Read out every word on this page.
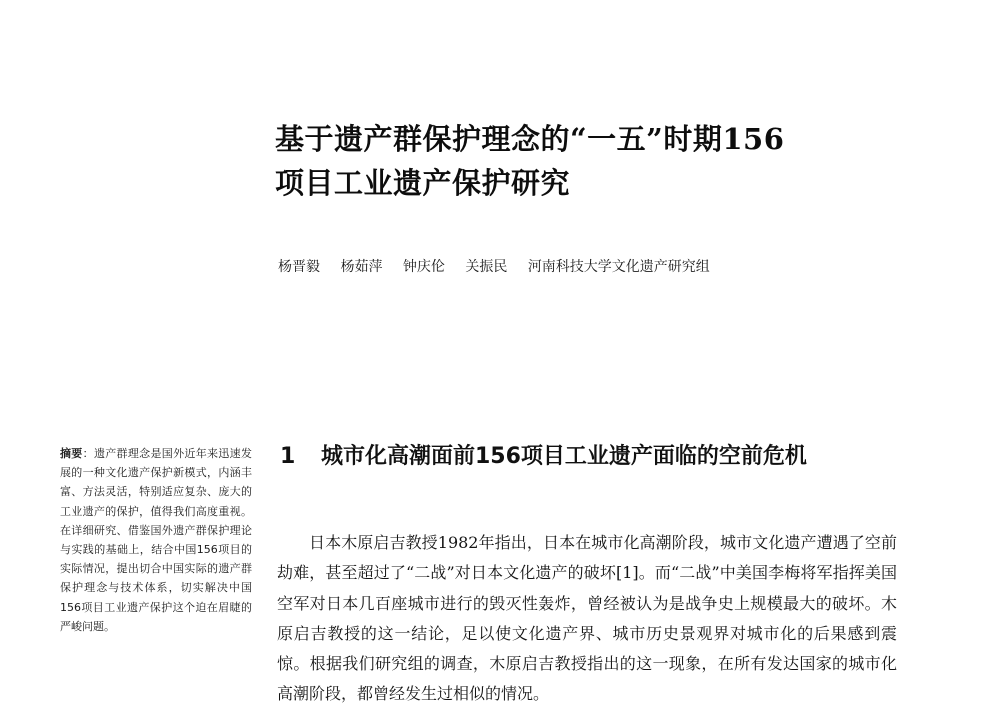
基于遗产群保护理念的“一五”时期156
项目工业遗产保护研究
杨晋毅 杨茹萍 钟庆伦 关振民 河南科技大学文化遗产研究组
摘要：遗产群理念是国外近年来迅速发展的一种文化遗产保护新模式，内涵丰富、方法灵活，特别适应复杂、庞大的工业遗产的保护，值得我们高度重视。在详细研究、借鉴国外遗产群保护理论与实践的基础上，结合中国156项目的实际情况，提出切合中国实际的遗产群保护理念与技术体系，切实解决中国156项目工业遗产保护这个迫在眉睫的严峻问题。
1 城市化高潮面前156项目工业遗产面临的空前危机

日本木原启吉教授1982年指出，日本在城市化高潮阶段，城市文化遗产遭遇了空前劫难，甚至超过了“二战”对日本文化遗产的破坏[1]。而“二战”中美国李梅将军指挥美国空军对日本几百座城市进行的毁灭性轰炸，曾经被认为是战争史上规模最大的破坏。木原启吉教授的这一结论，足以使文化遗产界、城市历史景观界对城市化的后果感到震惊。根据我们研究组的调查，木原启吉教授指出的这一现象，在所有发达国家的城市化高潮阶段，都曾经发生过相似的情况。
